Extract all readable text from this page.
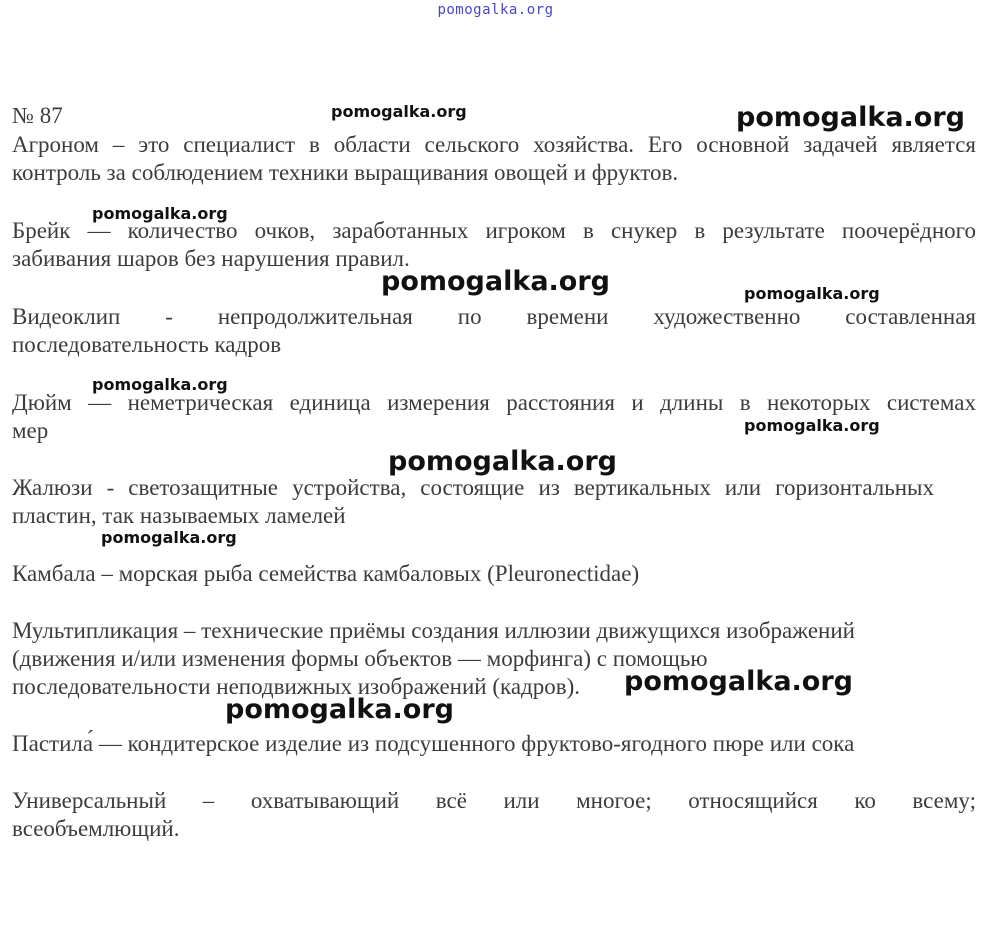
pomogalka.org
№ 87
Агроном – это специалист в области сельского хозяйства. Его основной задачей является
контроль за соблюдением техники выращивания овощей и фруктов.
Брейк — количество очков, заработанных игроком в снукер в результате поочерёдного
забивания шаров без нарушения правил.
Видеоклип - непродолжительная по времени художественно составленная
последовательность кадров
Дюйм — неметрическая единица измерения расстояния и длины в некоторых системах
мер
Жалюзи - светозащитные устройства, состоящие из вертикальных или горизонтальных
пластин, так называемых ламелей
Камбала – морская рыба семейства камбаловых (Pleuronectidae)
Мультипликация – технические приёмы создания иллюзии движущихся изображений
(движения и/или изменения формы объектов — морфинга) с помощью
последовательности неподвижных изображений (кадров).
Пастила́ — кондитерское изделие из подсушенного фруктово-ягодного пюре или сока
Универсальный – охватывающий всё или многое; относящийся ко всему;
всеобъемлющий.
pomogalka.org	pomogalka.org
pomogalka.org
pomogalka.org	pomogalka.org
pomogalka.org
pomogalka.org
pomogalka.org
pomogalka.org
pomogalka.org
pomogalka.org
